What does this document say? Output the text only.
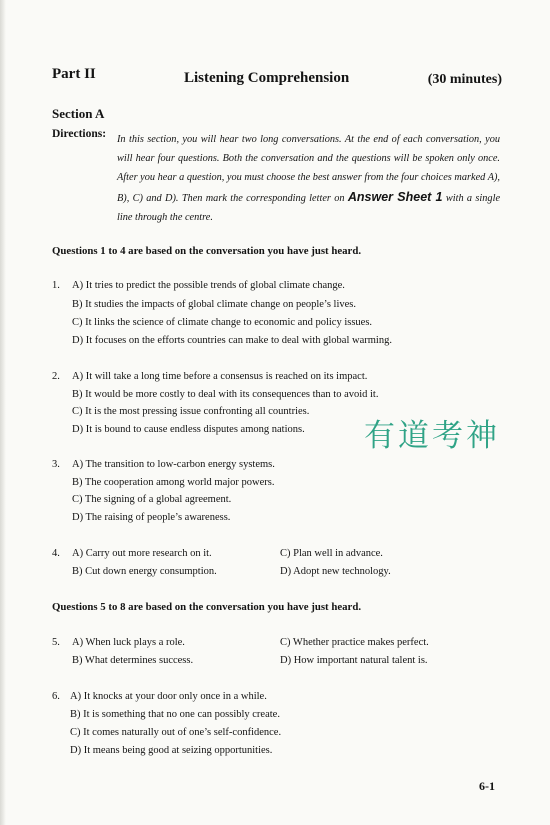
Part II	Listening Comprehension	(30 minutes)
Section A
Directions: In this section, you will hear two long conversations. At the end of each conversation, you will hear four questions. Both the conversation and the questions will be spoken only once. After you hear a question, you must choose the best answer from the four choices marked A), B), C) and D). Then mark the corresponding letter on Answer Sheet 1 with a single line through the centre.
Questions 1 to 4 are based on the conversation you have just heard.
1. A) It tries to predict the possible trends of global climate change.
B) It studies the impacts of global climate change on people’s lives.
C) It links the science of climate change to economic and policy issues.
D) It focuses on the efforts countries can make to deal with global warming.
2. A) It will take a long time before a consensus is reached on its impact.
B) It would be more costly to deal with its consequences than to avoid it.
C) It is the most pressing issue confronting all countries.
D) It is bound to cause endless disputes among nations.
3. A) The transition to low-carbon energy systems.
B) The cooperation among world major powers.
C) The signing of a global agreement.
D) The raising of people’s awareness.
4. A) Carry out more research on it.
B) Cut down energy consumption.
C) Plan well in advance.
D) Adopt new technology.
Questions 5 to 8 are based on the conversation you have just heard.
5. A) When luck plays a role.
B) What determines success.
C) Whether practice makes perfect.
D) How important natural talent is.
6. A) It knocks at your door only once in a while.
B) It is something that no one can possibly create.
C) It comes naturally out of one’s self-confidence.
D) It means being good at seizing opportunities.
有道考神
6-1
